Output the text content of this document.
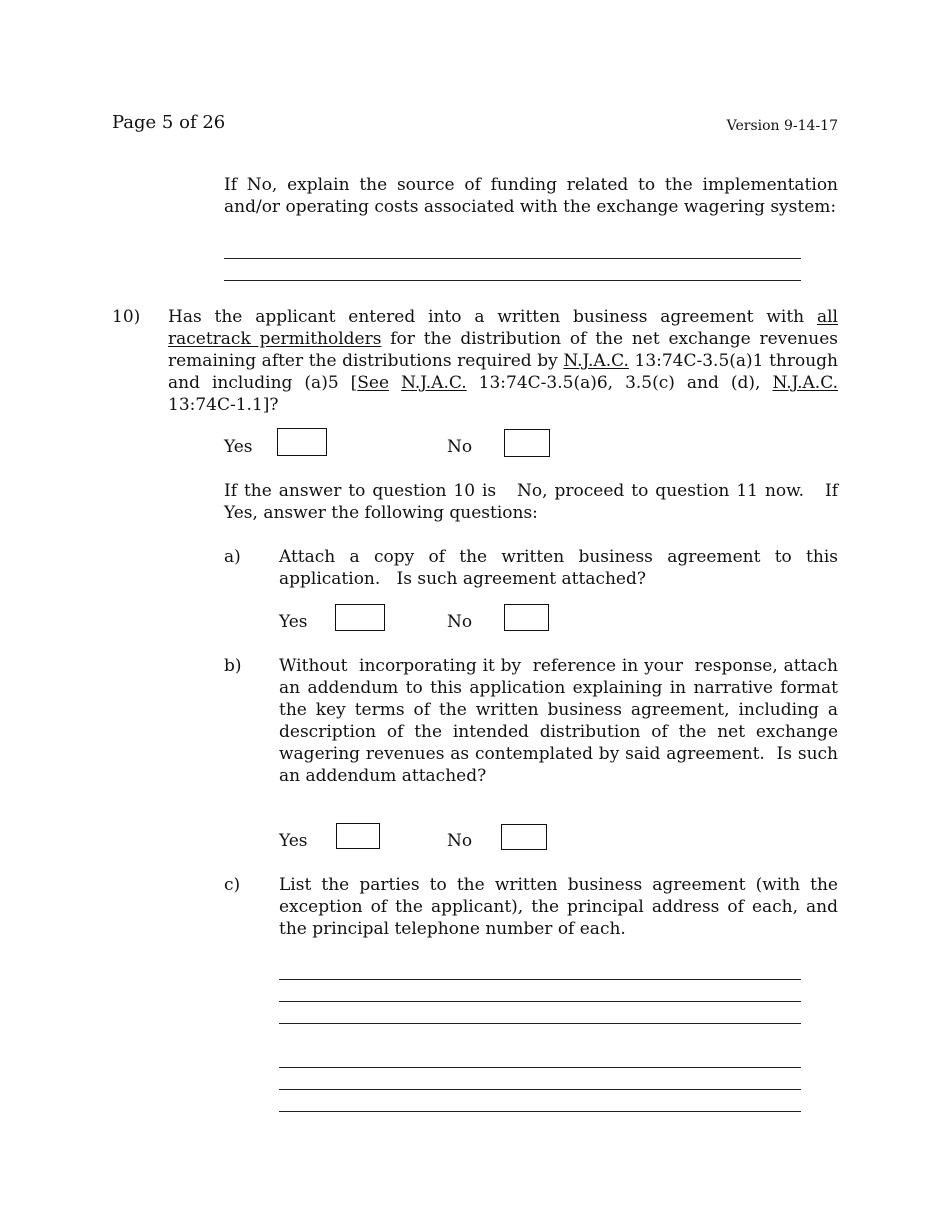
Page 5 of 26	Version 9-14-17
If No, explain the source of funding related to the implementation and/or operating costs associated with the exchange wagering system:
10) Has the applicant entered into a written business agreement with all racetrack permitholders for the distribution of the net exchange revenues remaining after the distributions required by N.J.A.C. 13:74C-3.5(a)1 through and including (a)5 [See N.J.A.C. 13:74C-3.5(a)6, 3.5(c) and (d), N.J.A.C. 13:74C-1.1]?
Yes	No
If the answer to question 10 is   No, proceed to question 11 now.   If Yes, answer the following questions:
a) Attach a copy of the written business agreement to this application.   Is such agreement attached?
Yes	No
b) Without  incorporating it by  reference in your  response, attach an addendum to this application explaining in narrative format the key terms of the written business agreement, including a description of the intended distribution of the net exchange wagering revenues as contemplated by said agreement.  Is such an addendum attached?
Yes	No
c) List the parties to the written business agreement (with the exception of the applicant), the principal address of each, and the principal telephone number of each.
